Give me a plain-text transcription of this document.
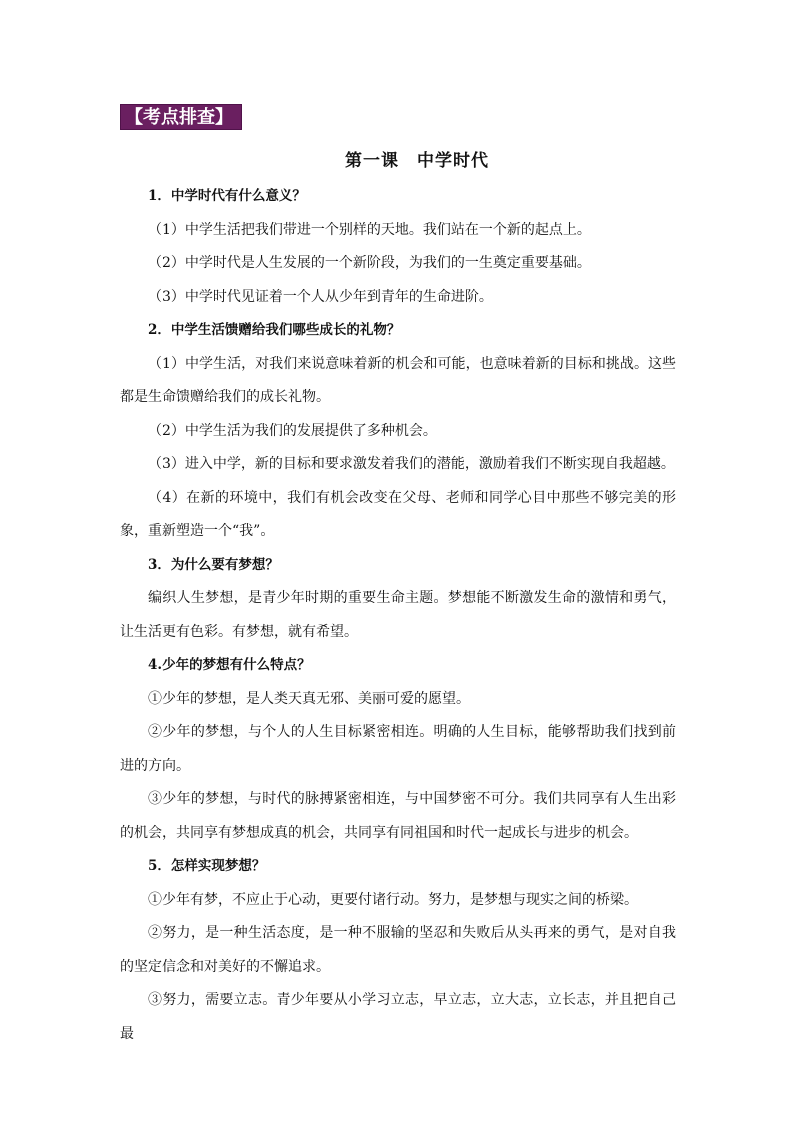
【考点排查】
第一课　中学时代

1．中学时代有什么意义？

（1）中学生活把我们带进一个别样的天地。我们站在一个新的起点上。

（2）中学时代是人生发展的一个新阶段，为我们的一生奠定重要基础。

（3）中学时代见证着一个人从少年到青年的生命进阶。

2．中学生活馈赠给我们哪些成长的礼物？

（1）中学生活，对我们来说意味着新的机会和可能，也意味着新的目标和挑战。这些都是生命馈赠给我们的成长礼物。

（2）中学生活为我们的发展提供了多种机会。

（3）进入中学，新的目标和要求激发着我们的潜能，激励着我们不断实现自我超越。

（4）在新的环境中，我们有机会改变在父母、老师和同学心目中那些不够完美的形象，重新塑造一个“我”。

3．为什么要有梦想？

编织人生梦想，是青少年时期的重要生命主题。梦想能不断激发生命的激情和勇气，让生活更有色彩。有梦想，就有希望。

4.少年的梦想有什么特点？

①少年的梦想，是人类天真无邪、美丽可爱的愿望。

②少年的梦想，与个人的人生目标紧密相连。明确的人生目标，能够帮助我们找到前进的方向。

③少年的梦想，与时代的脉搏紧密相连，与中国梦密不可分。我们共同享有人生出彩的机会，共同享有梦想成真的机会，共同享有同祖国和时代一起成长与进步的机会。

5．怎样实现梦想？

①少年有梦，不应止于心动，更要付诸行动。努力，是梦想与现实之间的桥梁。

②努力，是一种生活态度，是一种不服输的坚忍和失败后从头再来的勇气，是对自我的坚定信念和对美好的不懈追求。

③努力，需要立志。青少年要从小学习立志，早立志，立大志，立长志，并且把自己最
